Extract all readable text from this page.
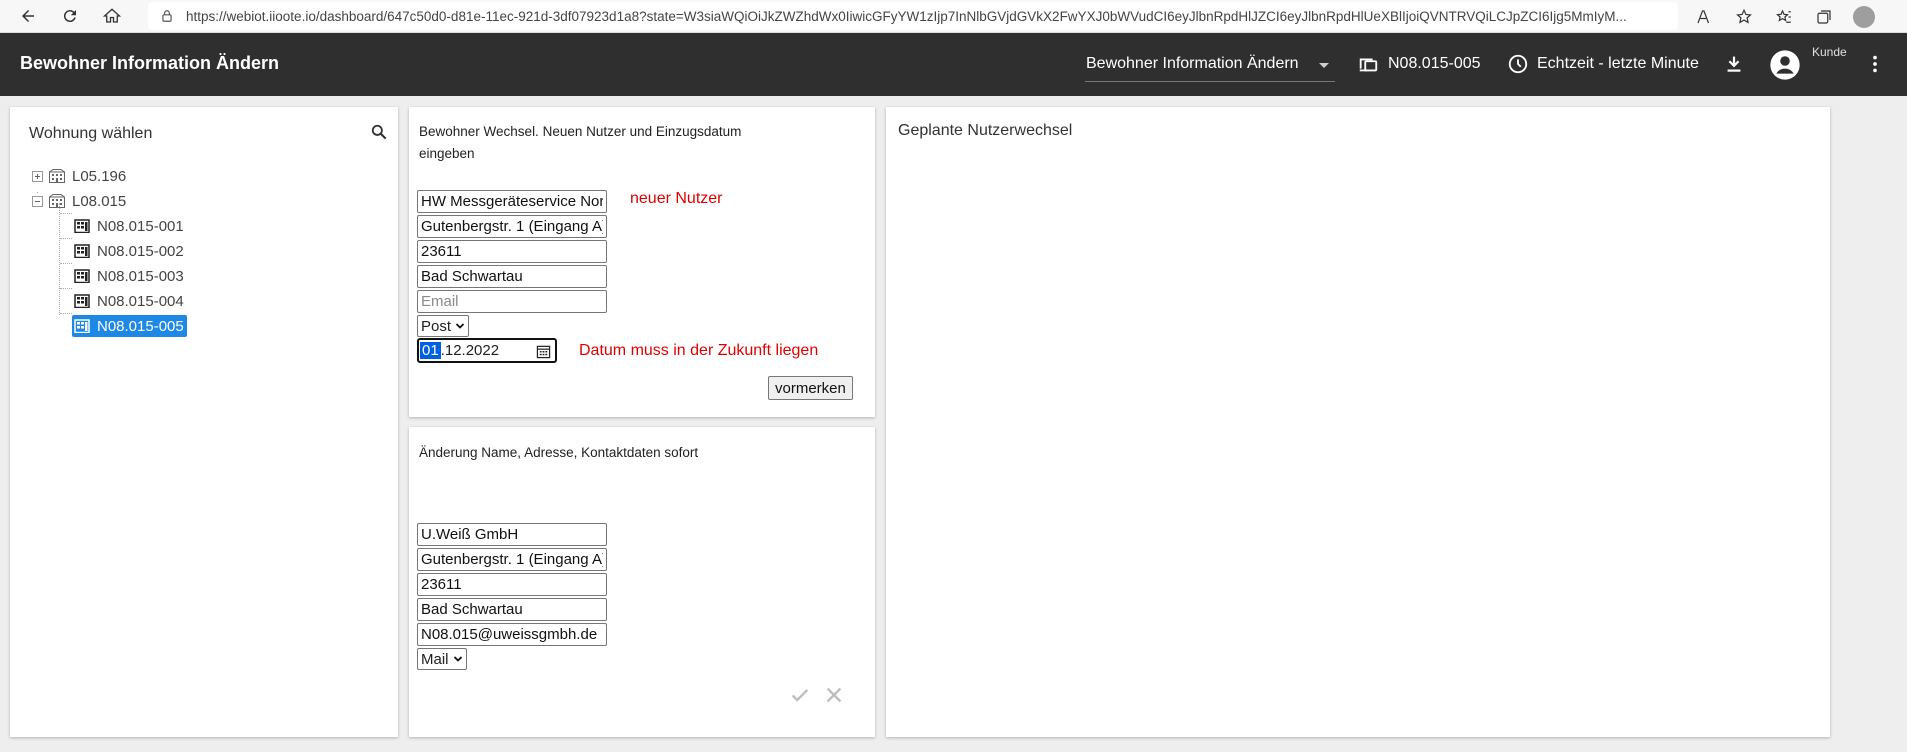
https://webiot.iioote.io/dashboard/647c50d0-d81e-11ec-921d-3df07923d1a8?state=W3siaWQiOiJkZWZhdWx0IiwicGFyYW1zIjp7InNlbGVjdGVkX2FwYXJ0bWVudCI6eyJlbnRpdHlJZCI6eyJlbnRpdHlUeXBlIjoiQVNTRVQiLCJpZCI6Ijg5MmIyM...
Bewohner Information Ändern	Bewohner Information Ändern	N08.015-005	Echtzeit - letzte Minute
Kunde
Wohnung wählen
L05.196
L08.015
N08.015-001
N08.015-002
N08.015-003
N08.015-004
N08.015-005
Bewohner Wechsel. Neuen Nutzer und Einzugsdatum eingeben
HW Messgeräteservice Nord
Gutenbergstr. 1 (Eingang A)
23611
Bad Schwartau
Email
Post
01 .12.2022
neuer Nutzer
Datum muss in der Zukunft liegen
vormerken
Änderung Name, Adresse, Kontaktdaten sofort
U.Weiß GmbH
Gutenbergstr. 1 (Eingang A)
23611
Bad Schwartau
N08.015@uweissgmbh.de
Mail
Geplante Nutzerwechsel
